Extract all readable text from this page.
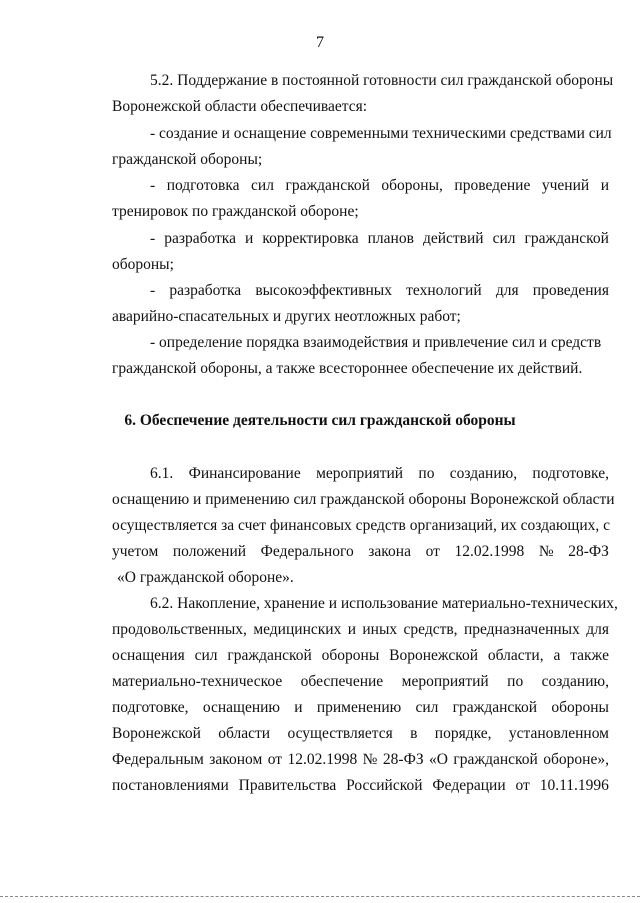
7
5.2. Поддержание в постоянной готовности сил гражданской обороны
Воронежской области обеспечивается:
- создание и оснащение современными техническими средствами сил
гражданской обороны;
- подготовка сил гражданской обороны, проведение учений и
тренировок по гражданской обороне;
- разработка и корректировка планов действий сил гражданской
обороны;
- разработка высокоэффективных технологий для проведения
аварийно-спасательных и других неотложных работ;
- определение порядка взаимодействия и привлечение сил и средств
гражданской обороны, а также всестороннее обеспечение их действий.
6. Обеспечение деятельности сил гражданской обороны
6.1. Финансирование мероприятий по созданию, подготовке,
оснащению и применению сил гражданской обороны Воронежской области
осуществляется за счет финансовых средств организаций, их создающих, с
учетом положений Федерального закона от 12.02.1998 № 28-ФЗ
«О гражданской обороне».
6.2. Накопление, хранение и использование материально-технических,
продовольственных, медицинских и иных средств, предназначенных для
оснащения сил гражданской обороны Воронежской области, а также
материально-техническое обеспечение мероприятий по созданию,
подготовке, оснащению и применению сил гражданской обороны
Воронежской области осуществляется в порядке, установленном
Федеральным законом от 12.02.1998 № 28-ФЗ «О гражданской обороне»,
постановлениями Правительства Российской Федерации от 10.11.1996
